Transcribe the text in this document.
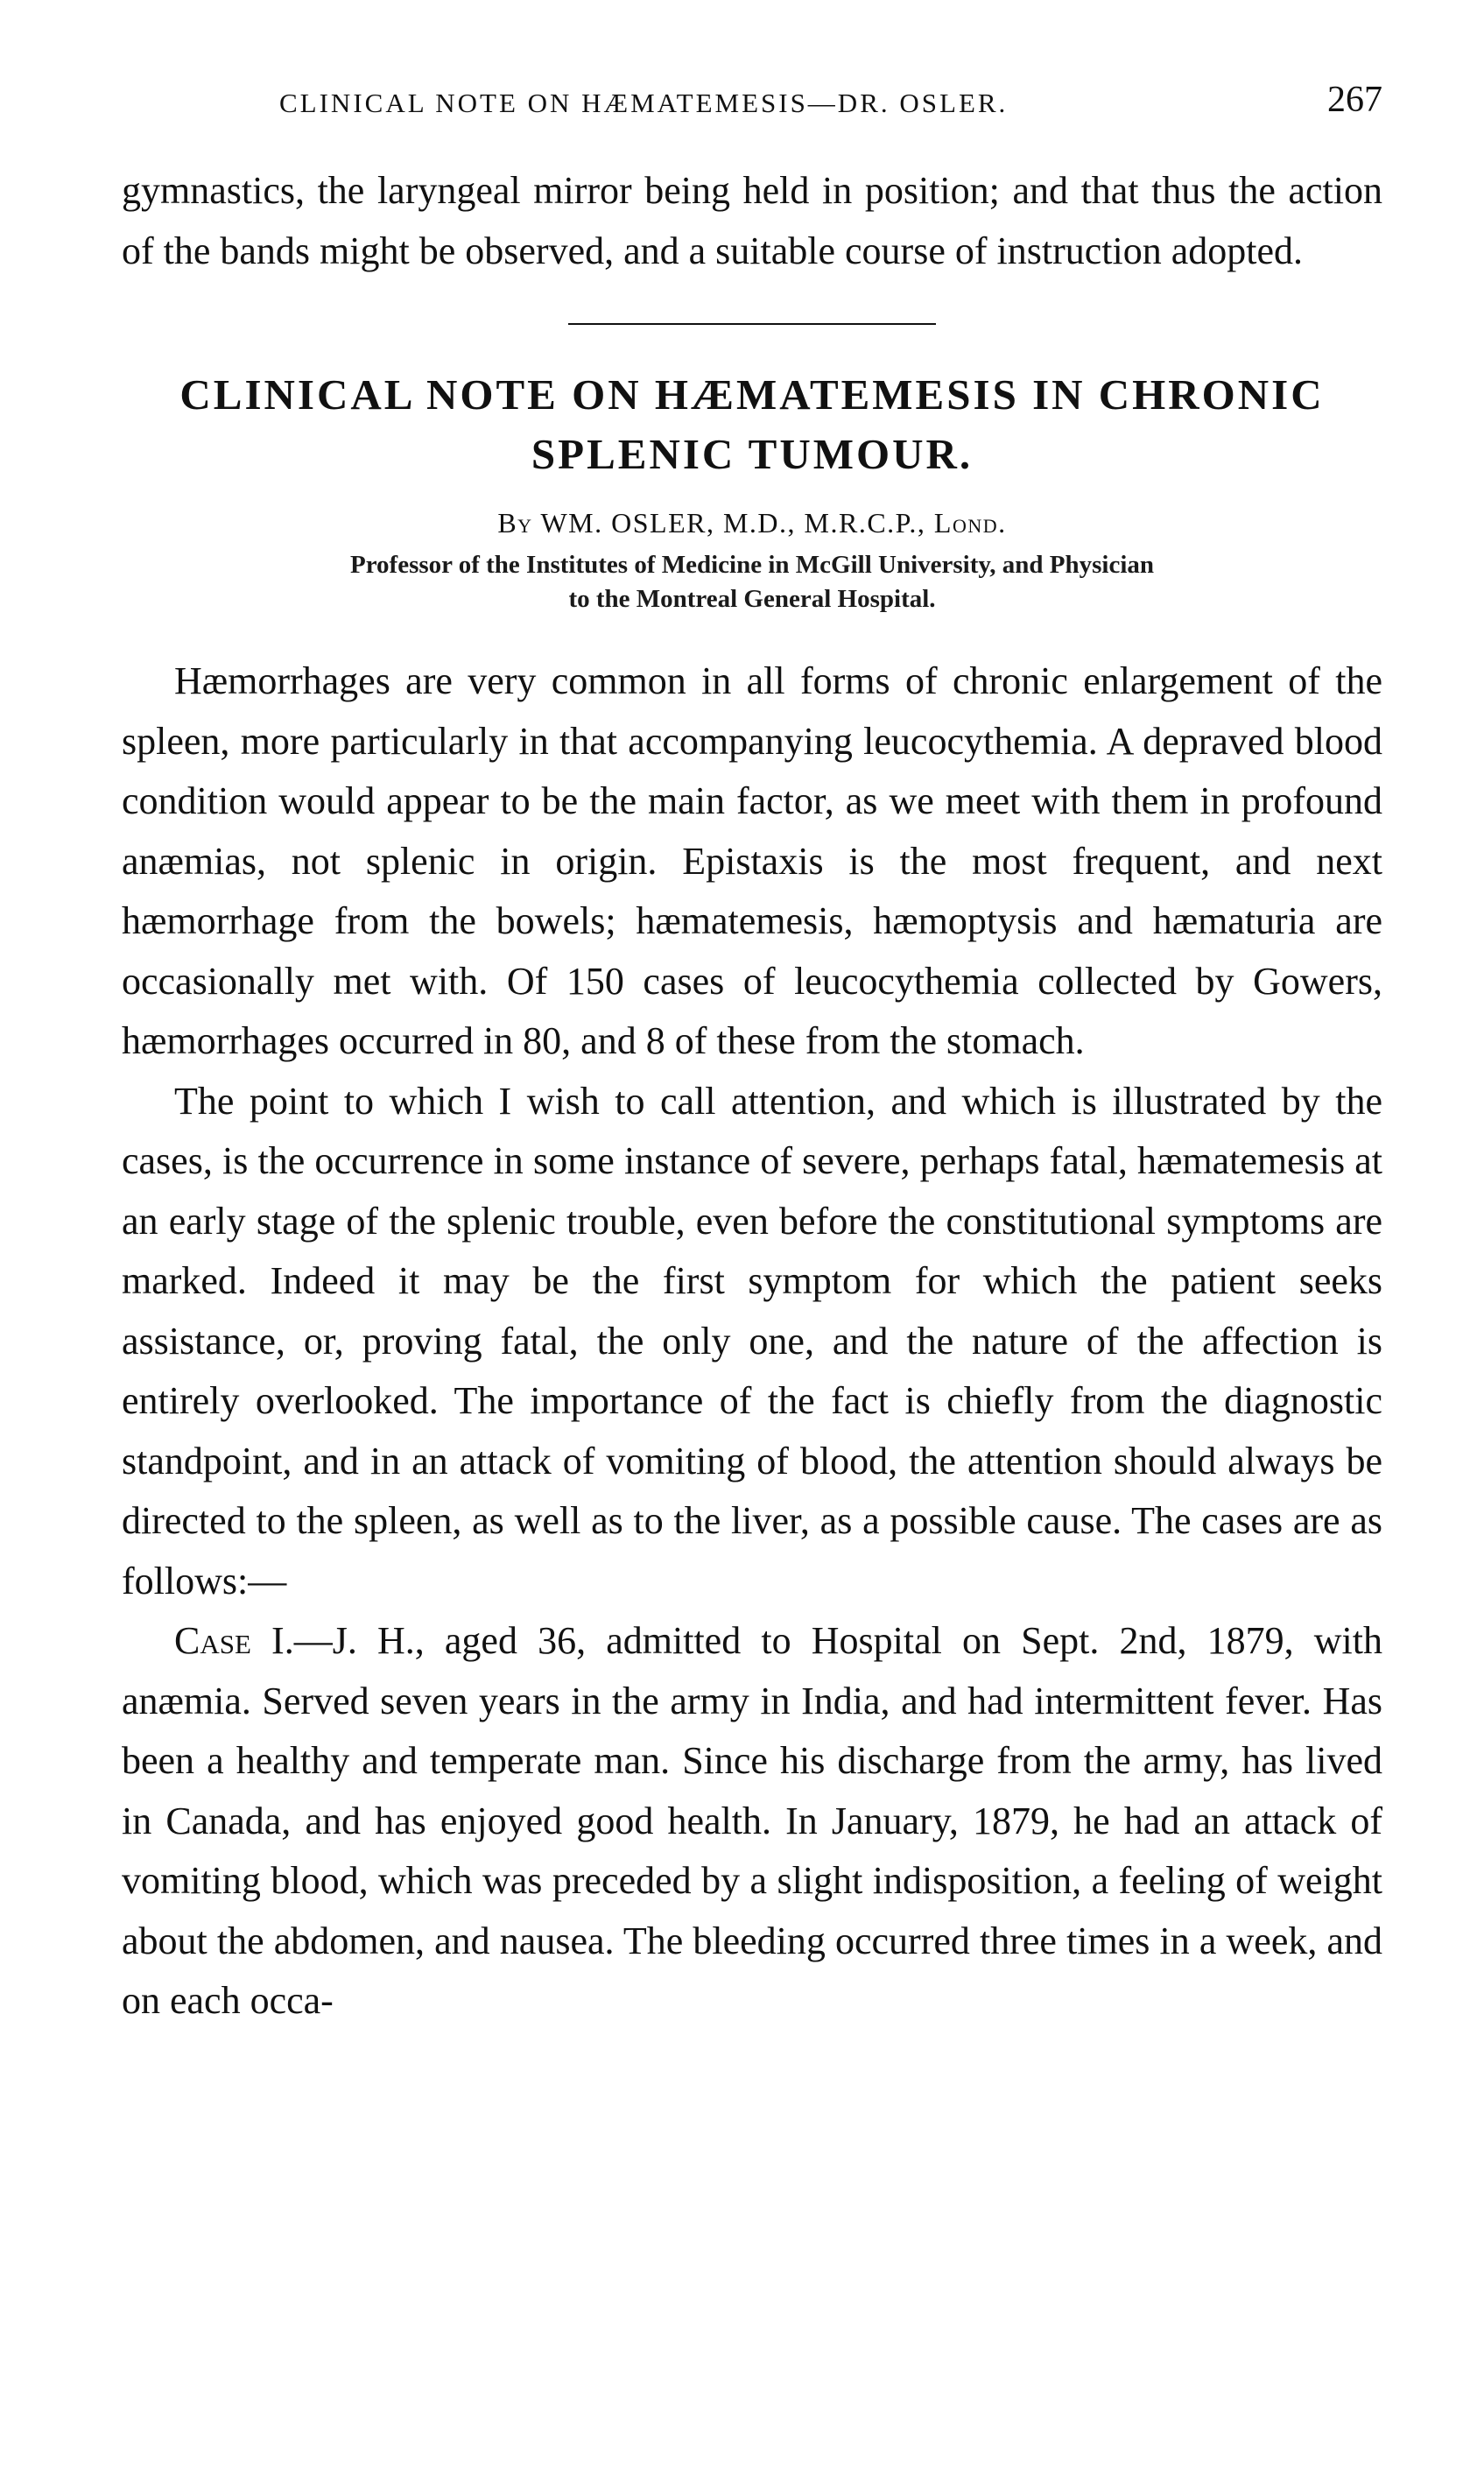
CLINICAL NOTE ON HÆMATEMESIS—DR. OSLER.	267

gymnastics, the laryngeal mirror being held in position; and that thus the action of the bands might be observed, and a suitable course of instruction adopted.

CLINICAL NOTE ON HÆMATEMESIS IN CHRONIC
SPLENIC TUMOUR.

By WM. OSLER, M.D., M.R.C.P., Lond.

Professor of the Institutes of Medicine in McGill University, and Physician
to the Montreal General Hospital.

Hæmorrhages are very common in all forms of chronic enlargement of the spleen, more particularly in that accompanying leucocythemia. A depraved blood condition would appear to be the main factor, as we meet with them in profound anæmias, not splenic in origin. Epistaxis is the most frequent, and next hæmorrhage from the bowels; hæmatemesis, hæmoptysis and hæmaturia are occasionally met with. Of 150 cases of leucocythemia collected by Gowers, hæmorrhages occurred in 80, and 8 of these from the stomach.

The point to which I wish to call attention, and which is illustrated by the cases, is the occurrence in some instance of severe, perhaps fatal, hæmatemesis at an early stage of the splenic trouble, even before the constitutional symptoms are marked. Indeed it may be the first symptom for which the patient seeks assistance, or, proving fatal, the only one, and the nature of the affection is entirely overlooked. The importance of the fact is chiefly from the diagnostic standpoint, and in an attack of vomiting of blood, the attention should always be directed to the spleen, as well as to the liver, as a possible cause. The cases are as follows:—

Case I.—J. H., aged 36, admitted to Hospital on Sept. 2nd, 1879, with anæmia. Served seven years in the army in India, and had intermittent fever. Has been a healthy and temperate man. Since his discharge from the army, has lived in Canada, and has enjoyed good health. In January, 1879, he had an attack of vomiting blood, which was preceded by a slight indisposition, a feeling of weight about the abdomen, and nausea. The bleeding occurred three times in a week, and on each occa-
